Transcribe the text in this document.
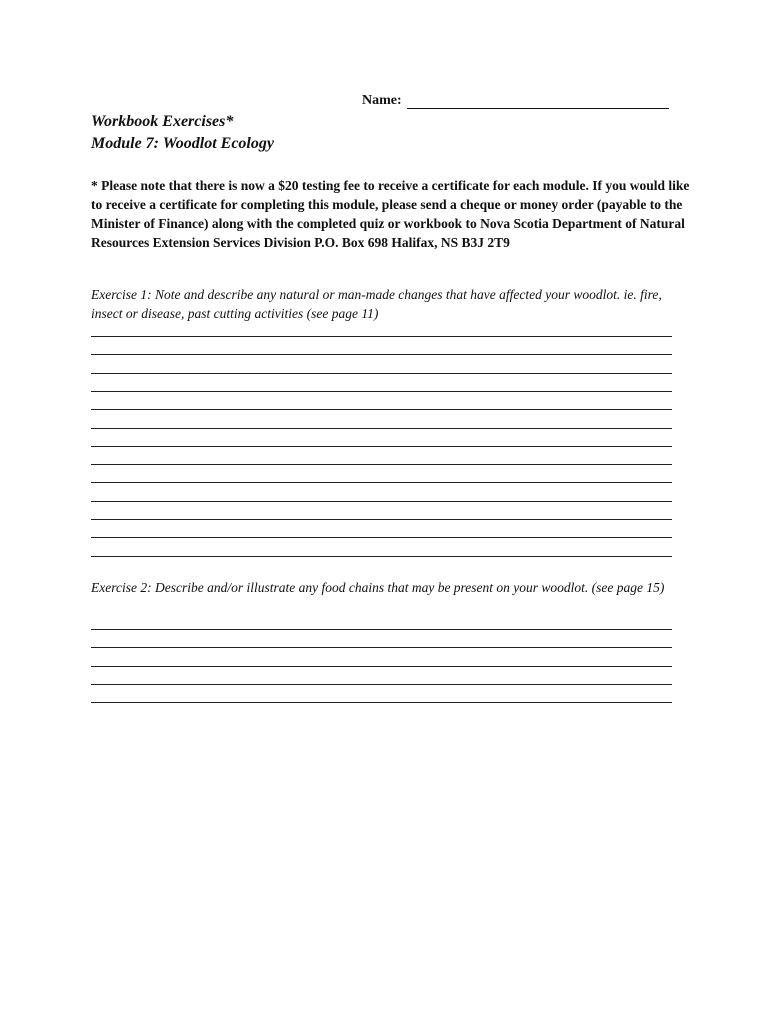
Name:
Workbook Exercises*
Module 7: Woodlot Ecology
* Please note that there is now a $20 testing fee to receive a certificate for each module. If you would like to receive a certificate for completing this module, please send a cheque or money order (payable to the Minister of Finance) along with the completed quiz or workbook to Nova Scotia Department of Natural Resources Extension Services Division P.O. Box 698 Halifax, NS B3J 2T9
Exercise 1: Note and describe any natural or man-made changes that have affected your woodlot. ie. fire, insect or disease, past cutting activities (see page 11)
Exercise 2: Describe and/or illustrate any food chains that may be present on your woodlot. (see page 15)
